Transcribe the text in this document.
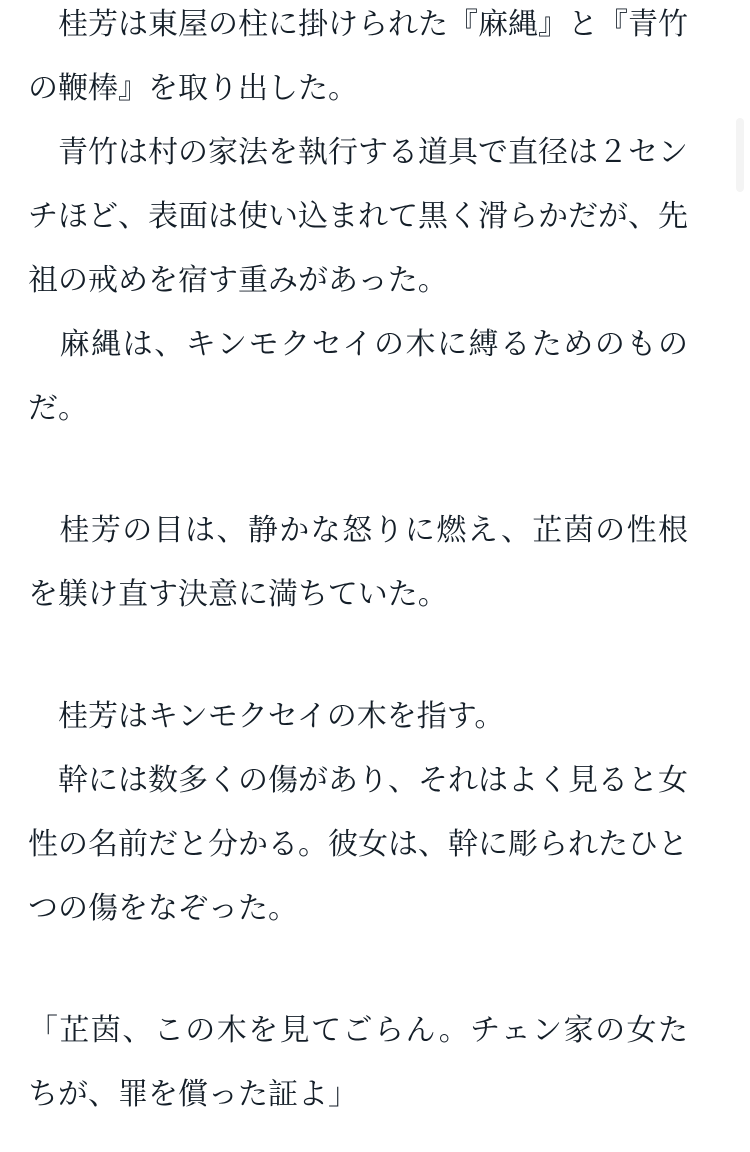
　桂芳は東屋の柱に掛けられた『麻縄』と『青竹の鞭棒』を取り出した。

　青竹は村の家法を執行する道具で直径は２センチほど、表面は使い込まれて黒く滑らかだが、先祖の戒めを宿す重みがあった。

　麻縄は、キンモクセイの木に縛るためのものだ。

　桂芳の目は、静かな怒りに燃え、芷茵の性根を躾け直す決意に満ちていた。

　桂芳はキンモクセイの木を指す。

　幹には数多くの傷があり、それはよく見ると女性の名前だと分かる。彼女は、幹に彫られたひとつの傷をなぞった。

「芷茵、この木を見てごらん。チェン家の女たちが、罪を償った証よ」
